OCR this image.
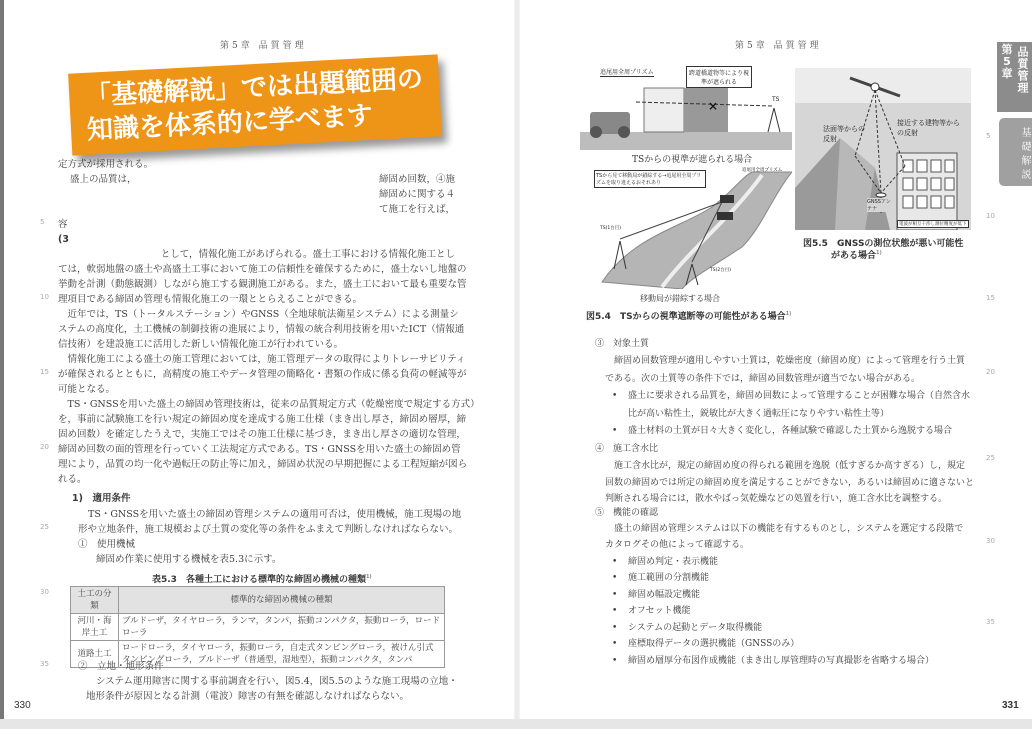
第5章 品質管理
「基礎解説」では出題範囲の
知識を体系的に学べます
定方式が採用される。
盛上の品質は，	締固め回数，④施
締固めに関する４
て施工を行えば，
容
(3
として，情報化施工があげられる。盛土工事における情報化施工とし
ては，軟弱地盤の盛土や高盛土工事において施工の信頼性を確保するために，盛土ないし地盤の
挙動を計測（動態観測）しながら施工する観測施工がある。また，盛土工において最も重要な管
理項目である締固め管理も情報化施工の一環ととらえることができる。
　近年では，TS（トータルステーション）やGNSS（全地球航法衛星システム）による測量シ
ステムの高度化，土工機械の制御技術の進展により，情報の統合利用技術を用いたICT（情報通
信技術）を建設施工に活用した新しい情報化施工が行われている。
　情報化施工による盛土の施工管理においては，施工管理データの取得によりトレーサビリティ
が確保されるとともに，高精度の施工やデータ管理の簡略化・書類の作成に係る負荷の軽減等が
可能となる。
　TS・GNSSを用いた盛土の締固め管理技術は，従来の品質規定方式（乾燥密度で規定する方式）
を，事前に試験施工を行い規定の締固め度を達成する施工仕様（まき出し厚さ，締固め層厚，締
固め回数）を確定したうえで，実施工ではその施工仕様に基づき，まき出し厚さの適切な管理，
締固め回数の面的管理を行っていく工法規定方式である。TS・GNSSを用いた盛土の締固め管
理により，品質の均一化や過転圧の防止等に加え，締固め状況の早期把握による工程短縮が図ら
れる。
5
10
15
20
25
30
35
1)　適用条件
TS・GNSSを用いた盛土の締固め管理システムの適用可否は，使用機械，施工現場の地
形や立地条件，施工規模および土質の変化等の条件をふまえて判断しなければならない。
①　使用機械
締固め作業に使用する機械を表5.3に示す。
表5.3　各種土工における標準的な締固め機械の種類$^{1)}$
土工の分類	標準的な締固め機械の種類
河川・海岸土工	ブルドーザ，タイヤローラ，ランマ，タンパ，振動コンパクタ，振動ローラ，ロードローラ
道路土工	ロードローラ，タイヤローラ，振動ローラ，自走式タンピングローラ，被けん引式タンピングローラ，ブルドーザ（普通型，湿地型），振動コンパクタ，タンパ
②　立地・地形条件
システム運用障害に関する事前調査を行い，図5.4，図5.5のような施工現場の立地・
地形条件が原因となる計測（電波）障害の有無を確認しなければならない。
330
第5章 品質管理
×
追尾用全周プリズム	跨道橋道物等により視準が遮られる
TS
TSからの視準が遮られる場合
TSから見て移動局が錯綜する→追尾用全周プリズムを取り違えるおそれあり
追尾用全周プリズム
TS(1台目)
TS(2台目)
移動局が錯綜する場合
図5.4　TSからの視準遮断等の可能性がある場合$^{1)}$
法面等からの反射
接近する建物等からの反射
GNSSアンテナ
電波が相互干渉し測位精度が低下
図5.5　GNSSの測位状態が悪い可能性
がある場合$^{1)}$
③　対象土質
締固め回数管理が適用しやすい土質は，乾燥密度（締固め度）によって管理を行う土質
である。次の土質等の条件下では，締固め回数管理が適当でない場合がある。
• 盛土に要求される品質を，締固め回数によって管理することが困難な場合（自然含水
比が高い粘性土，鋭敏比が大きく過転圧になりやすい粘性土等）
• 盛土材料の土質が日々大きく変化し，各種試験で確認した土質から逸脱する場合
④　施工含水比
施工含水比が，規定の締固め度の得られる範囲を逸脱（低すぎるか高すぎる）し，規定
回数の締固めでは所定の締固め度を満足することができない，あるいは締固めに適さないと
判断される場合には，散水やばっ気乾燥などの処置を行い，施工含水比を調整する。
⑤　機能の確認
盛土の締固め管理システムは以下の機能を有するものとし，システムを選定する段階で
カタログその他によって確認する。
• 締固め判定・表示機能
• 施工範囲の分割機能
• 締固め幅設定機能
• オフセット機能
• システムの起動とデータ取得機能
• 座標取得データの選択機能（GNSSのみ）
• 締固め層厚分布図作成機能（まき出し厚管理時の写真撮影を省略する場合）
5
10
15
20
25
30
35
331
第5章 品質管理
基礎解説
